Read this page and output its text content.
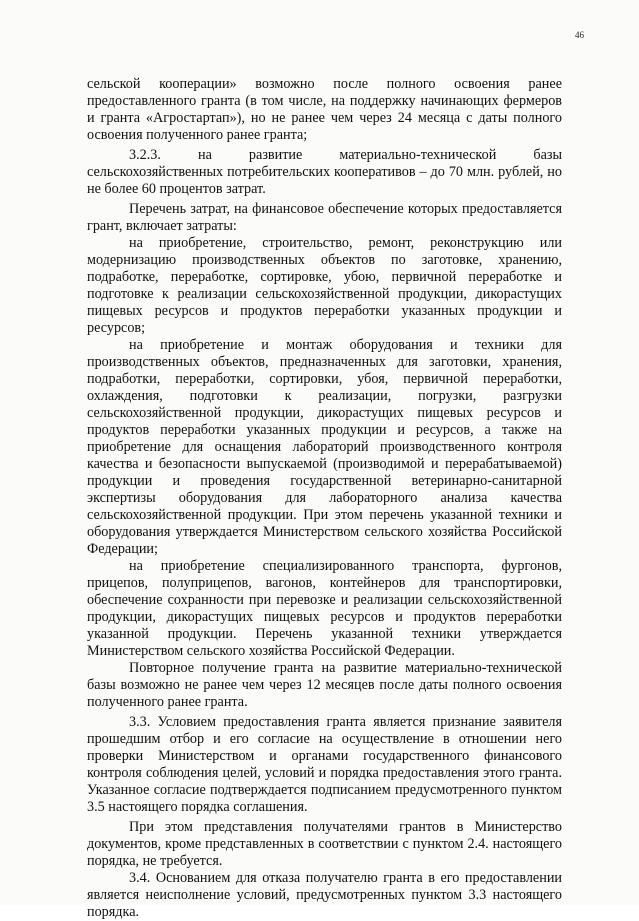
46

сельской кооперации» возможно после полного освоения ранее предоставленного гранта (в том числе, на поддержку начинающих фермеров и гранта «Агростартап»), но не ранее чем через 24 месяца с даты полного освоения полученного ранее гранта;

3.2.3. на развитие материально-технической базы сельскохозяйственных потребительских кооперативов – до 70 млн. рублей, но не более 60 процентов затрат.

Перечень затрат, на финансовое обеспечение которых предоставляется грант, включает затраты:

на приобретение, строительство, ремонт, реконструкцию или модернизацию производственных объектов по заготовке, хранению, подработке, переработке, сортировке, убою, первичной переработке и подготовке к реализации сельскохозяйственной продукции, дикорастущих пищевых ресурсов и продуктов переработки указанных продукции и ресурсов;

на приобретение и монтаж оборудования и техники для производственных объектов, предназначенных для заготовки, хранения, подработки, переработки, сортировки, убоя, первичной переработки, охлаждения, подготовки к реализации, погрузки, разгрузки сельскохозяйственной продукции, дикорастущих пищевых ресурсов и продуктов переработки указанных продукции и ресурсов, а также на приобретение для оснащения лабораторий производственного контроля качества и безопасности выпускаемой (производимой и перерабатываемой) продукции и проведения государственной ветеринарно-санитарной экспертизы оборудования для лабораторного анализа качества сельскохозяйственной продукции. При этом перечень указанной техники и оборудования утверждается Министерством сельского хозяйства Российской Федерации;

на приобретение специализированного транспорта, фургонов, прицепов, полуприцепов, вагонов, контейнеров для транспортировки, обеспечение сохранности при перевозке и реализации сельскохозяйственной продукции, дикорастущих пищевых ресурсов и продуктов переработки указанной продукции. Перечень указанной техники утверждается Министерством сельского хозяйства Российской Федерации.

Повторное получение гранта на развитие материально-технической базы возможно не ранее чем через 12 месяцев после даты полного освоения полученного ранее гранта.

3.3. Условием предоставления гранта является признание заявителя прошедшим отбор и его согласие на осуществление в отношении него проверки Министерством и органами государственного финансового контроля соблюдения целей, условий и порядка предоставления этого гранта. Указанное согласие подтверждается подписанием предусмотренного пунктом 3.5 настоящего порядка соглашения.

При этом представления получателями грантов в Министерство документов, кроме представленных в соответствии с пунктом 2.4. настоящего порядка, не требуется.

3.4. Основанием для отказа получателю гранта в его предоставлении является неисполнение условий, предусмотренных пунктом 3.3 настоящего порядка.
